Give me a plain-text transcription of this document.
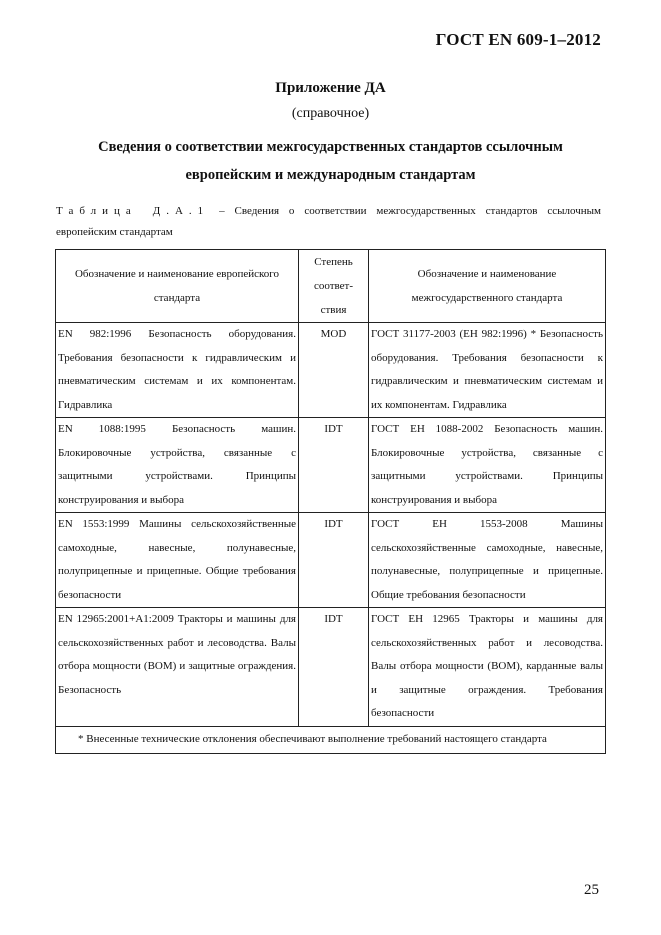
ГОСТ EN 609-1–2012
Приложение ДА
(справочное)
Сведения о соответствии межгосударственных стандартов ссылочным
европейским и международным стандартам
Таблица Д.А.1 – Сведения о соответствии межгосударственных стандартов ссылочным европейским стандартам
Обозначение и наименование европейского стандарта	Степень соответ-ствия	Обозначение и наименование межгосударственного стандарта
EN 982:1996 Безопасность оборудования. Требования безопасности к гидравлическим и пневматическим системам и их компонентам. Гидравлика	MOD	ГОСТ 31177-2003 (ЕН 982:1996) * Безопасность оборудования. Требования безопасности к гидравлическим и пневматическим системам и их компонентам. Гидравлика
EN 1088:1995 Безопасность машин. Блокировочные устройства, связанные с защитными устройствами. Принципы конструирования и выбора	IDT	ГОСТ ЕН 1088-2002 Безопасность машин. Блокировочные устройства, связанные с защитными устройствами. Принципы конструирования и выбора
EN 1553:1999 Машины сельскохозяйственные самоходные, навесные, полунавесные, полуприцепные и прицепные. Общие требования безопасности	IDT	ГОСТ ЕН 1553-2008 Машины сельскохозяйственные самоходные, навесные, полунавесные, полуприцепные и прицепные. Общие требования безопасности
EN 12965:2001+A1:2009 Тракторы и машины для сельскохозяйственных работ и лесоводства. Валы отбора мощности (ВОМ) и защитные ограждения. Безопасность	IDT	ГОСТ ЕН 12965 Тракторы и машины для сельскохозяйственных работ и лесоводства. Валы отбора мощности (ВОМ), карданные валы и защитные ограждения. Требования безопасности
* Внесенные технические отклонения обеспечивают выполнение требований настоящего стандарта		
25
